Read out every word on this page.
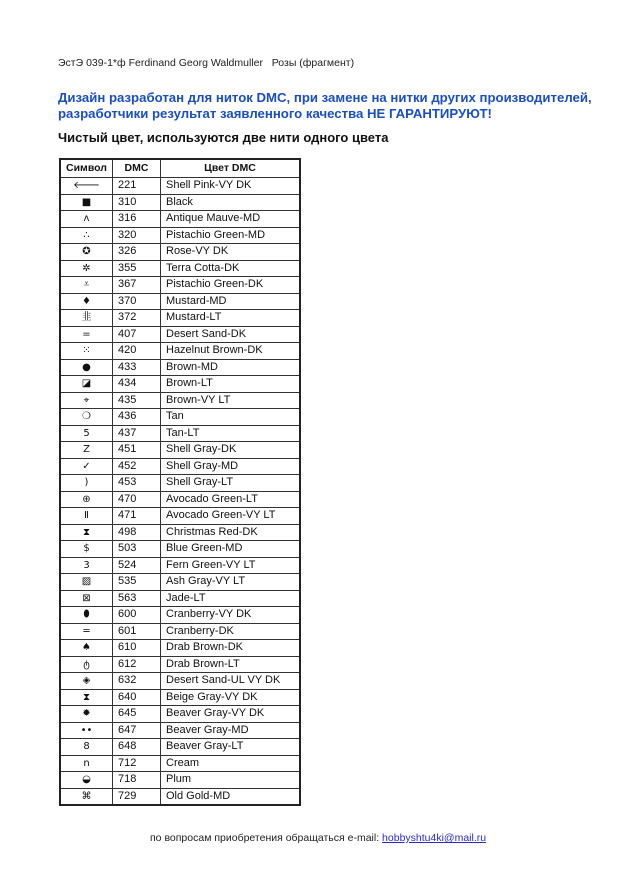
ЭстЭ 039-1*ф Ferdinand Georg Waldmuller   Розы (фрагмент)
Дизайн разработан для ниток DMC, при замене на нитки других производителей, разработчики результат заявленного качества НЕ ГАРАНТИРУЮТ!
Чистый цвет, используются две нити одного цвета
Символ	DMC	Цвет DMC
🡐	221	Shell Pink-VY DK
■	310	Black
ᴧ	316	Antique Mauve-MD
∴	320	Pistachio Green-MD
✪	326	Rose-VY DK
✲	355	Terra Cotta-DK
⩡	367	Pistachio Green-DK
♦	370	Mustard-MD
⾲	372	Mustard-LT
=	407	Desert Sand-DK
⁙	420	Hazelnut Brown-DK
●	433	Brown-MD
◪	434	Brown-LT
⌖	435	Brown-VY LT
❍	436	Tan
5	437	Tan-LT
Z	451	Shell Gray-DK
✓	452	Shell Gray-MD
)	453	Shell Gray-LT
⊕	470	Avocado Green-LT
Ⅱ	471	Avocado Green-VY LT
⧗	498	Christmas Red-DK
$	503	Blue Green-MD
3	524	Fern Green-VY LT
▨	535	Ash Gray-VY LT
⊠	563	Jade-LT
⬮	600	Cranberry-VY DK
═	601	Cranberry-DK
♠	610	Drab Brown-DK
ტ	612	Drab Brown-LT
◈	632	Desert Sand-UL VY DK
⧗	640	Beige Gray-VY DK
✹	645	Beaver Gray-VY DK
••	647	Beaver Gray-MD
8	648	Beaver Gray-LT
n	712	Cream
◒	718	Plum
⌘	729	Old Gold-MD
по вопросам приобретения обращаться e-mail: hobbyshtu4ki@mail.ru
